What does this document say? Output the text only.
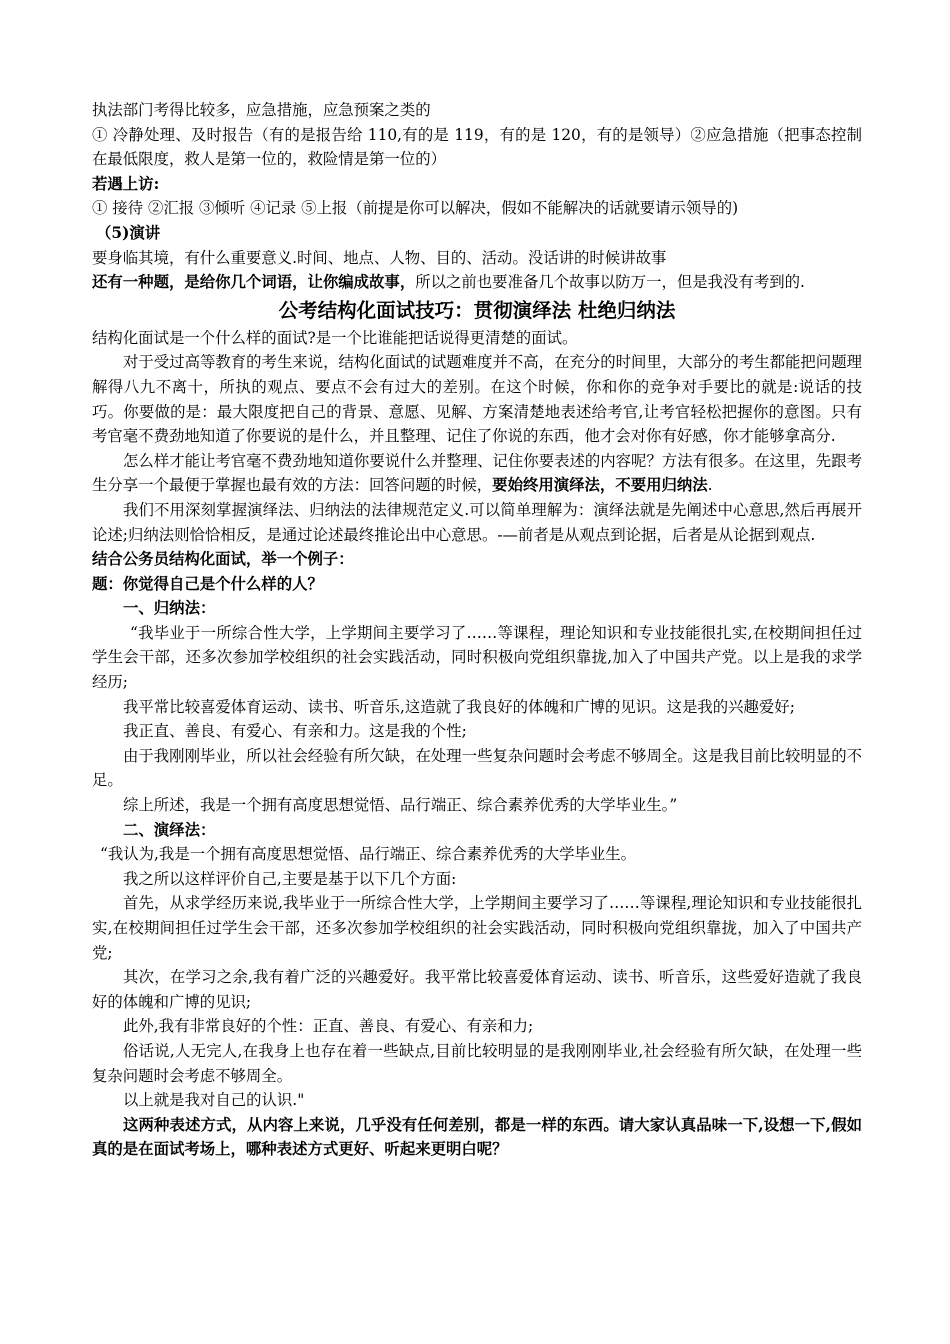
执法部门考得比较多，应急措施，应急预案之类的

① 冷静处理、及时报告（有的是报告给 110,有的是 119，有的是 120，有的是领导）②应急措施（把事态控制在最低限度，救人是第一位的，救险情是第一位的）

若遇上访:

① 接待 ②汇报 ③倾听 ④记录 ⑤上报（前提是你可以解决，假如不能解决的话就要请示领导的)

（5)演讲

要身临其境，有什么重要意义.时间、地点、人物、目的、活动。没话讲的时候讲故事

还有一种题，是给你几个词语，让你编成故事，所以之前也要准备几个故事以防万一，但是我没有考到的.

公考结构化面试技巧：贯彻演绎法 杜绝归纳法

结构化面试是一个什么样的面试?是一个比谁能把话说得更清楚的面试。

对于受过高等教育的考生来说，结构化面试的试题难度并不高，在充分的时间里，大部分的考生都能把问题理解得八九不离十，所执的观点、要点不会有过大的差别。在这个时候，你和你的竞争对手要比的就是:说话的技巧。你要做的是：最大限度把自己的背景、意愿、见解、方案清楚地表述给考官,让考官轻松把握你的意图。只有考官毫不费劲地知道了你要说的是什么，并且整理、记住了你说的东西，他才会对你有好感，你才能够拿高分.

怎么样才能让考官毫不费劲地知道你要说什么并整理、记住你要表述的内容呢？方法有很多。在这里，先跟考生分享一个最便于掌握也最有效的方法：回答问题的时候，要始终用演绎法，不要用归纳法.

我们不用深刻掌握演绎法、归纳法的法律规范定义.可以简单理解为：演绎法就是先阐述中心意思,然后再展开论述;归纳法则恰恰相反，是通过论述最终推论出中心意思。-—前者是从观点到论据，后者是从论据到观点.

结合公务员结构化面试，举一个例子：

题：你觉得自己是个什么样的人？

一、归纳法：

“我毕业于一所综合性大学，上学期间主要学习了……等课程，理论知识和专业技能很扎实,在校期间担任过学生会干部，还多次参加学校组织的社会实践活动，同时积极向党组织靠拢,加入了中国共产党。以上是我的求学经历;

我平常比较喜爱体育运动、读书、听音乐,这造就了我良好的体魄和广博的见识。这是我的兴趣爱好;

我正直、善良、有爱心、有亲和力。这是我的个性;

由于我刚刚毕业，所以社会经验有所欠缺，在处理一些复杂问题时会考虑不够周全。这是我目前比较明显的不足。

综上所述，我是一个拥有高度思想觉悟、品行端正、综合素养优秀的大学毕业生。”

二、演绎法：

“我认为,我是一个拥有高度思想觉悟、品行端正、综合素养优秀的大学毕业生。

我之所以这样评价自己,主要是基于以下几个方面:

首先，从求学经历来说,我毕业于一所综合性大学，上学期间主要学习了……等课程,理论知识和专业技能很扎实,在校期间担任过学生会干部，还多次参加学校组织的社会实践活动，同时积极向党组织靠拢，加入了中国共产党;

其次，在学习之余,我有着广泛的兴趣爱好。我平常比较喜爱体育运动、读书、听音乐，这些爱好造就了我良好的体魄和广博的见识;

此外,我有非常良好的个性：正直、善良、有爱心、有亲和力;

俗话说,人无完人,在我身上也存在着一些缺点,目前比较明显的是我刚刚毕业,社会经验有所欠缺，在处理一些复杂问题时会考虑不够周全。

以上就是我对自己的认识."

这两种表述方式，从内容上来说，几乎没有任何差别，都是一样的东西。请大家认真品味一下,设想一下,假如真的是在面试考场上，哪种表述方式更好、听起来更明白呢？
